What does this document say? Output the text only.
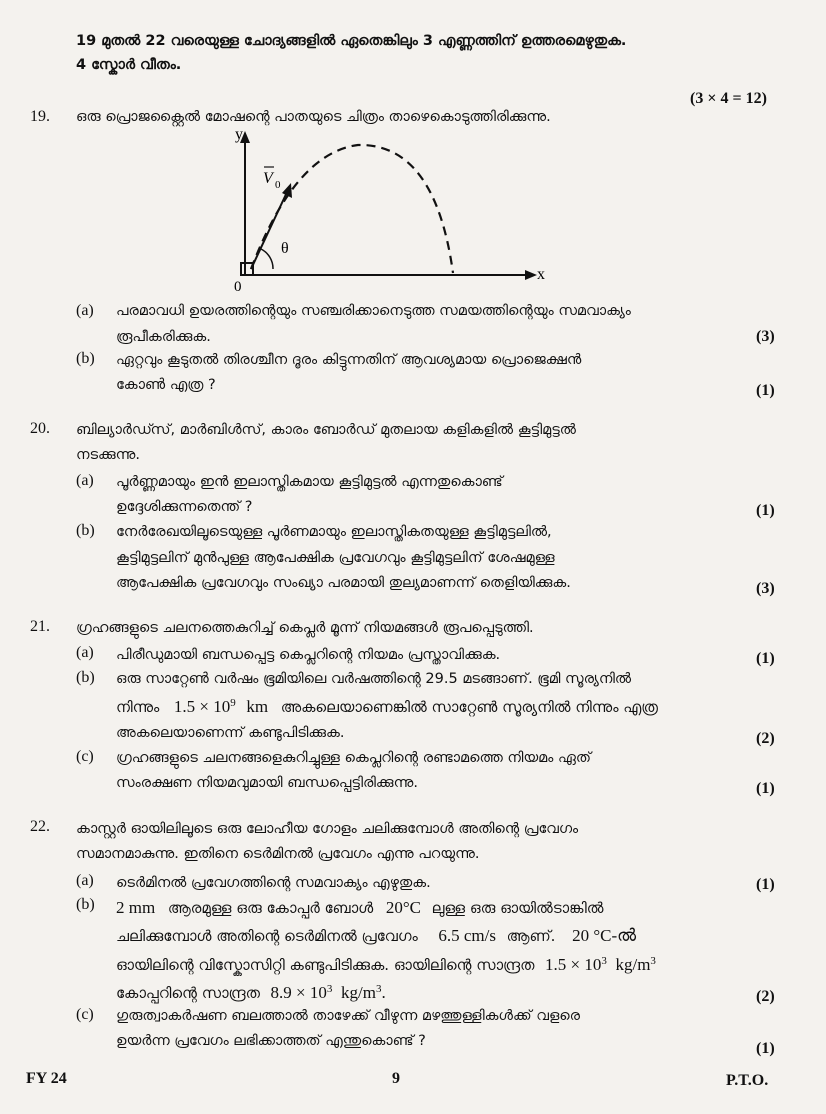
19 മുതൽ 22 വരെയുള്ള ചോദ്യങ്ങളിൽ ഏതെങ്കിലും 3 എണ്ണത്തിന് ഉത്തരമെഴുതുക.
4 സ്കോർ വീതം.
(3 × 4 = 12)
19. ഒരു പ്രൊജക്റ്റൈൽ മോഷന്റെ പാതയുടെ ചിത്രം താഴെകൊടുത്തിരിക്കുന്നു.
y
x
0
V 0
θ
(a) പരമാവധി ഉയരത്തിന്റെയും സഞ്ചരിക്കാനെടുത്ത സമയത്തിന്റെയും സമവാക്യം
രൂപീകരിക്കുക.	(3)
(b) ഏറ്റവും കൂടുതൽ തിരശ്ചീന ദൂരം കിട്ടുന്നതിന് ആവശ്യമായ പ്രൊജെക്ഷൻ
കോൺ എത്ര ?	(1)
20. ബില്യാർഡ്സ്, മാർബിൾസ്, കാരം ബോർഡ് മുതലായ കളികളിൽ കൂട്ടിമുട്ടൽ
നടക്കുന്നു.
(a) പൂർണ്ണമായും ഇൻ ഇലാസ്തികമായ കൂട്ടിമുട്ടൽ എന്നതുകൊണ്ട്
ഉദ്ദേശിക്കുന്നതെന്ത് ?	(1)
(b) നേർരേഖയിലൂടെയുള്ള പൂർണമായും ഇലാസ്തികതയുള്ള കൂട്ടിമുട്ടലിൽ,
കൂട്ടിമുട്ടലിന് മുൻപുള്ള ആപേക്ഷിക പ്രവേഗവും കൂട്ടിമുട്ടലിന് ശേഷമുള്ള
ആപേക്ഷിക പ്രവേഗവും സംഖ്യാ പരമായി തുല്യമാണന്ന് തെളിയിക്കുക.	(3)
21. ഗ്രഹങ്ങളുടെ ചലനത്തെകുറിച്ച് കെപ്ലർ മൂന്ന് നിയമങ്ങൾ രൂപപ്പെടുത്തി.
(a) പിരീഡുമായി ബന്ധപ്പെട്ട കെപ്ലറിന്റെ നിയമം പ്രസ്താവിക്കുക.	(1)
(b) ഒരു സാറ്റേൺ വർഷം ഭൂമിയിലെ വർഷത്തിന്റെ 29.5 മടങ്ങാണ്. ഭൂമി സൂര്യനിൽ
നിന്നും $1.5 \times 10^9$ km അകലെയാണെങ്കിൽ സാറ്റേൺ സൂര്യനിൽ നിന്നും എത്ര
അകലെയാണെന്ന് കണ്ടുപിടിക്കുക.	(2)
(c) ഗ്രഹങ്ങളുടെ ചലനങ്ങളെകുറിച്ചുള്ള കെപ്ലറിന്റെ രണ്ടാമത്തെ നിയമം ഏത്
സംരക്ഷണ നിയമവുമായി ബന്ധപ്പെട്ടിരിക്കുന്നു.	(1)
22. കാസ്റ്റർ ഓയിലിലൂടെ ഒരു ലോഹീയ ഗോളം ചലിക്കുമ്പോൾ അതിന്റെ പ്രവേഗം
സമാനമാകുന്നു. ഇതിനെ ടെർമിനൽ പ്രവേഗം എന്നു പറയുന്നു.
(a) ടെർമിനൽ പ്രവേഗത്തിന്റെ സമവാക്യം എഴുതുക.	(1)
(b) 2 mm ആരമുള്ള ഒരു കോപ്പർ ബോൾ 20°C ലുള്ള ഒരു ഓയിൽടാങ്കിൽ
ചലിക്കുമ്പോൾ അതിന്റെ ടെർമിനൽ പ്രവേഗം 6.5 cm/s ആണ്. 20 °C-ൽ
ഓയിലിന്റെ വിസ്കോസിറ്റി കണ്ടുപിടിക്കുക. ഓയിലിന്റെ സാന്ദ്രത $1.5 \times 10^3$ $kg/m^3$
കോപ്പറിന്റെ സാന്ദ്രത $8.9 \times 10^3$ $kg/m^3$.	(2)
(c) ഗുരുത്വാകർഷണ ബലത്താൽ താഴേക്ക് വീഴുന്ന മഴത്തുള്ളികൾക്ക് വളരെ
ഉയർന്ന പ്രവേഗം ലഭിക്കാത്തത് എന്തുകൊണ്ട് ?	(1)
FY 24	9	P.T.O.
